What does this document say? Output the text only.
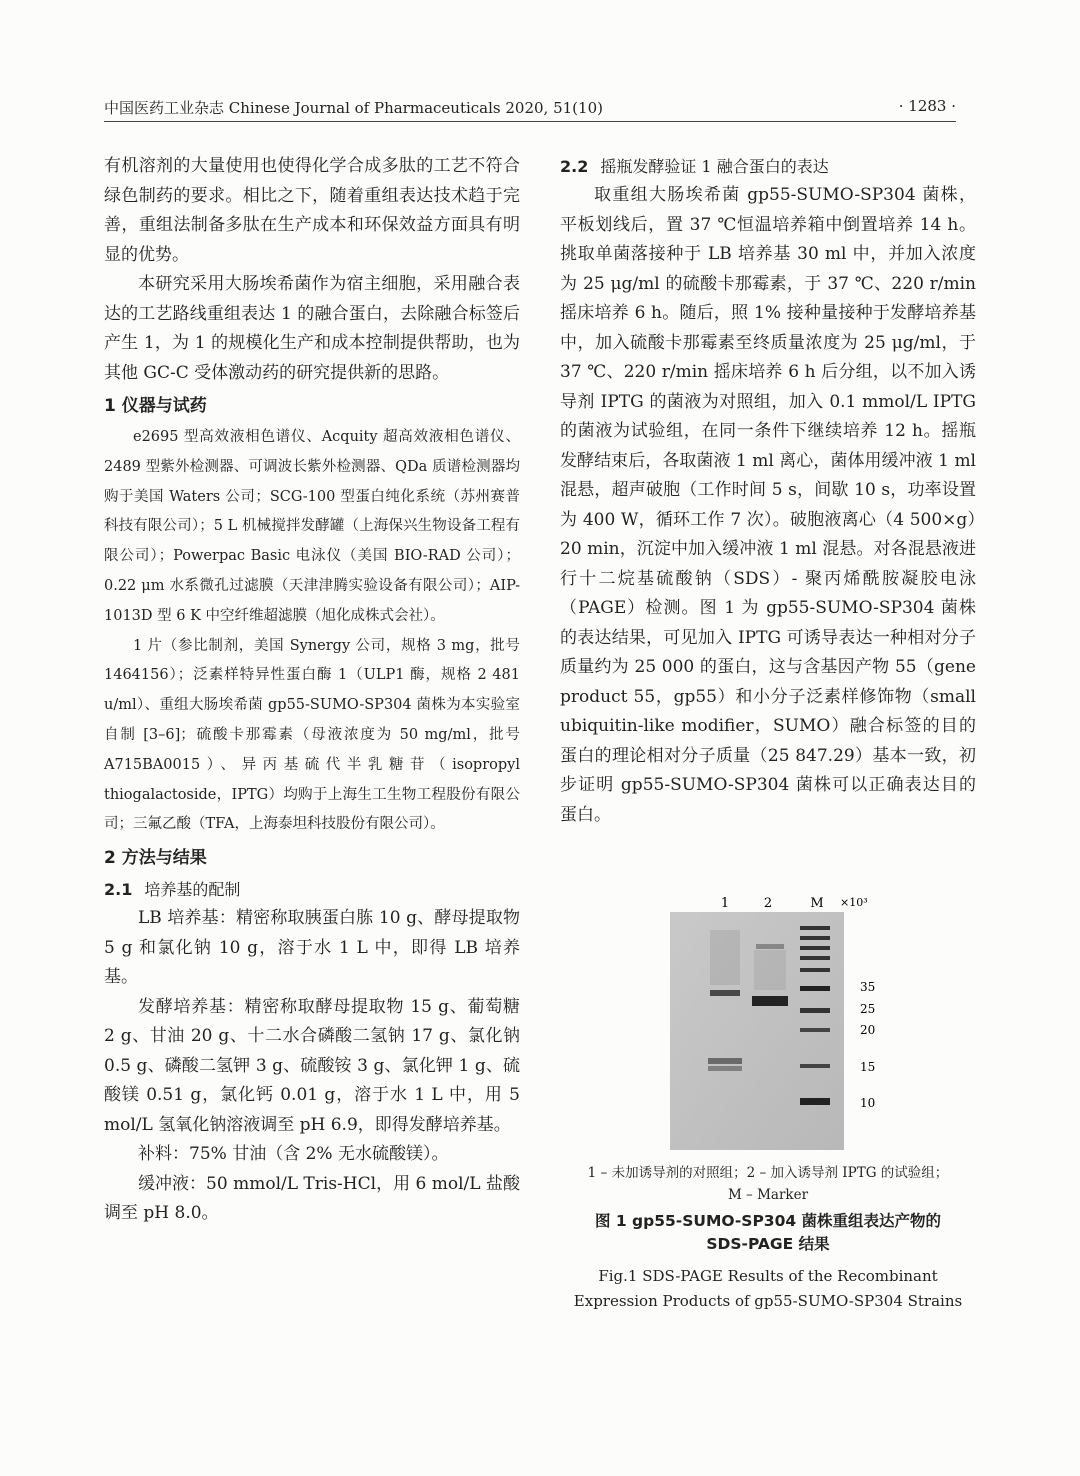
中国医药工业杂志 Chinese Journal of Pharmaceuticals 2020, 51(10)	· 1283 ·

有机溶剂的大量使用也使得化学合成多肽的工艺不符合绿色制药的要求。相比之下，随着重组表达技术趋于完善，重组法制备多肽在生产成本和环保效益方面具有明显的优势。

本研究采用大肠埃希菌作为宿主细胞，采用融合表达的工艺路线重组表达 1 的融合蛋白，去除融合标签后产生 1，为 1 的规模化生产和成本控制提供帮助，也为其他 GC-C 受体激动药的研究提供新的思路。

1 仪器与试药

e2695 型高效液相色谱仪、Acquity 超高效液相色谱仪、2489 型紫外检测器、可调波长紫外检测器、QDa 质谱检测器均购于美国 Waters 公司；SCG-100 型蛋白纯化系统（苏州赛普科技有限公司）；5 L 机械搅拌发酵罐（上海保兴生物设备工程有限公司）；Powerpac Basic 电泳仪（美国 BIO-RAD 公司）；0.22 μm 水系微孔过滤膜（天津津腾实验设备有限公司）；AIP-1013D 型 6 K 中空纤维超滤膜（旭化成株式会社）。

1 片（参比制剂，美国 Synergy 公司，规格 3 mg，批号 1464156）；泛素样特异性蛋白酶 1（ULP1 酶，规格 2 481 u/ml）、重组大肠埃希菌 gp55-SUMO-SP304 菌株为本实验室自制 [3–6]；硫酸卡那霉素（母液浓度为 50 mg/ml，批号 A715BA0015）、异丙基硫代半乳糖苷（isopropyl thiogalactoside，IPTG）均购于上海生工生物工程股份有限公司；三氟乙酸（TFA，上海泰坦科技股份有限公司）。

2 方法与结果
2.1 培养基的配制

LB 培养基：精密称取胰蛋白胨 10 g、酵母提取物 5 g 和氯化钠 10 g，溶于水 1 L 中，即得 LB 培养基。

发酵培养基：精密称取酵母提取物 15 g、葡萄糖 2 g、甘油 20 g、十二水合磷酸二氢钠 17 g、氯化钠 0.5 g、磷酸二氢钾 3 g、硫酸铵 3 g、氯化钾 1 g、硫酸镁 0.51 g，氯化钙 0.01 g，溶于水 1 L 中，用 5 mol/L 氢氧化钠溶液调至 pH 6.9，即得发酵培养基。

补料：75% 甘油（含 2% 无水硫酸镁）。

缓冲液：50 mmol/L Tris-HCl，用 6 mol/L 盐酸调至 pH 8.0。

2.2 摇瓶发酵验证 1 融合蛋白的表达

取重组大肠埃希菌 gp55-SUMO-SP304 菌株，平板划线后，置 37 ℃恒温培养箱中倒置培养 14 h。挑取单菌落接种于 LB 培养基 30 ml 中，并加入浓度为 25 μg/ml 的硫酸卡那霉素，于 37 ℃、220 r/min 摇床培养 6 h。随后，照 1% 接种量接种于发酵培养基中，加入硫酸卡那霉素至终质量浓度为 25 μg/ml，于 37 ℃、220 r/min 摇床培养 6 h 后分组，以不加入诱导剂 IPTG 的菌液为对照组，加入 0.1 mmol/L IPTG 的菌液为试验组，在同一条件下继续培养 12 h。摇瓶发酵结束后，各取菌液 1 ml 离心，菌体用缓冲液 1 ml 混悬，超声破胞（工作时间 5 s，间歇 10 s，功率设置为 400 W，循环工作 7 次）。破胞液离心（4 500×g）20 min，沉淀中加入缓冲液 1 ml 混悬。对各混悬液进行十二烷基硫酸钠（SDS）- 聚丙烯酰胺凝胶电泳（PAGE）检测。图 1 为 gp55-SUMO-SP304 菌株的表达结果，可见加入 IPTG 可诱导表达一种相对分子质量约为 25 000 的蛋白，这与含基因产物 55（gene product 55，gp55）和小分子泛素样修饰物（small ubiquitin-like modifier，SUMO）融合标签的目的蛋白的理论相对分子质量（25 847.29）基本一致，初步证明 gp55-SUMO-SP304 菌株可以正确表达目的蛋白。

1	2	M ×10³
35
25
20
15
10
1 – 未加诱导剂的对照组；2 – 加入诱导剂 IPTG 的试验组；
M – Marker
图 1 gp55-SUMO-SP304 菌株重组表达产物的
SDS-PAGE 结果
Fig.1 SDS-PAGE Results of the Recombinant
Expression Products of gp55-SUMO-SP304 Strains
